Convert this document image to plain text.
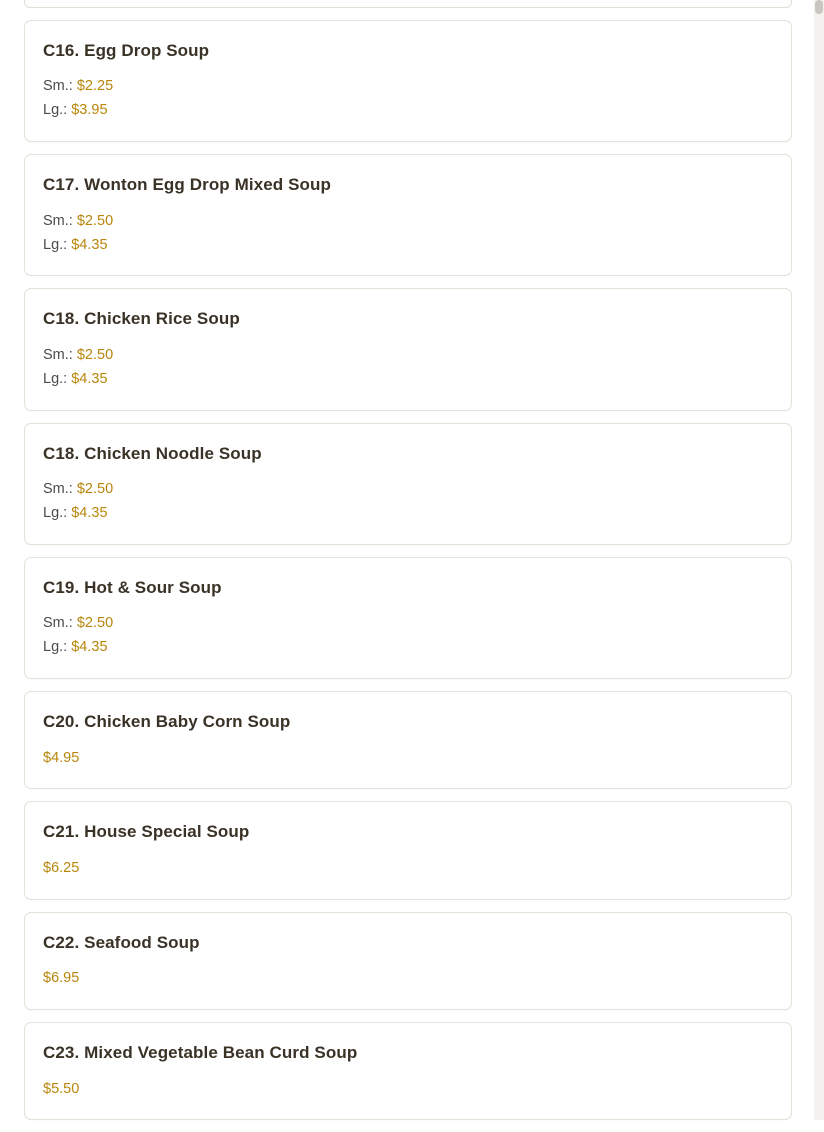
C16. Egg Drop Soup

Sm.: $2.25

Lg.: $3.95

C17. Wonton Egg Drop Mixed Soup

Sm.: $2.50

Lg.: $4.35

C18. Chicken Rice Soup

Sm.: $2.50

Lg.: $4.35

C18. Chicken Noodle Soup

Sm.: $2.50

Lg.: $4.35

C19. Hot & Sour Soup

Sm.: $2.50

Lg.: $4.35

C20. Chicken Baby Corn Soup

$4.95

C21. House Special Soup

$6.25

C22. Seafood Soup

$6.95

C23. Mixed Vegetable Bean Curd Soup

$5.50
